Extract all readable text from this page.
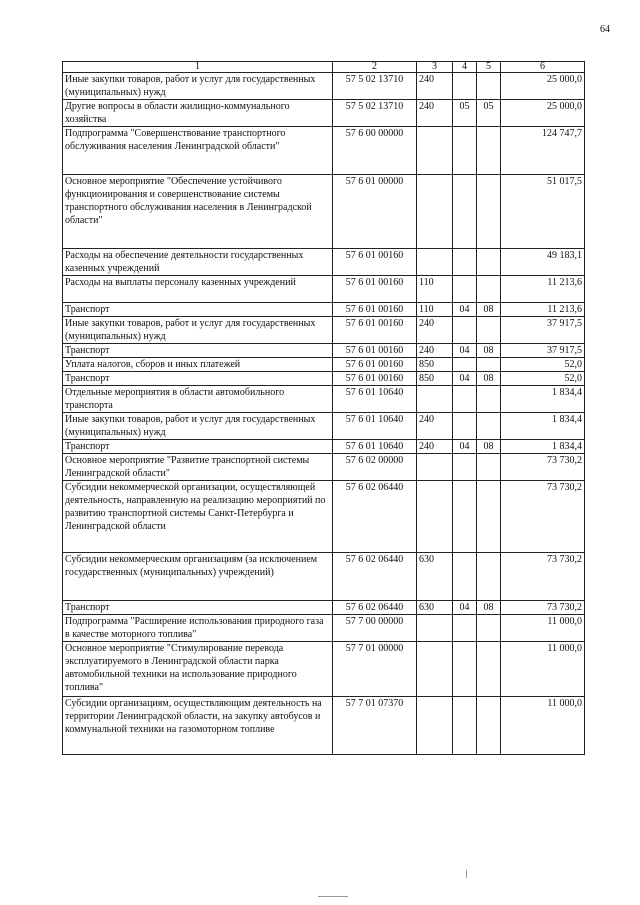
64
1	2	3	4	5	6
Иные закупки товаров, работ и услуг для государственных (муниципальных) нужд	57 5 02 13710	240			25 000,0
Другие вопросы в области жилищно-коммунального хозяйства	57 5 02 13710	240	05	05	25 000,0
Подпрограмма "Совершенствование транспортного обслуживания населения Ленинградской области"	57 6 00 00000				124 747,7
Основное мероприятие "Обеспечение устойчивого функционирования и совершенствование системы транспортного обслуживания населения в Ленинградской области"	57 6 01 00000				51 017,5
Расходы на обеспечение деятельности государственных казенных учреждений	57 6 01 00160				49 183,1
Расходы на выплаты персоналу казенных учреждений	57 6 01 00160	110			11 213,6
Транспорт	57 6 01 00160	110	04	08	11 213,6
Иные закупки товаров, работ и услуг для государственных (муниципальных) нужд	57 6 01 00160	240			37 917,5
Транспорт	57 6 01 00160	240	04	08	37 917,5
Уплата налогов, сборов и иных платежей	57 6 01 00160	850			52,0
Транспорт	57 6 01 00160	850	04	08	52,0
Отдельные мероприятия в области автомобильного транспорта	57 6 01 10640				1 834,4
Иные закупки товаров, работ и услуг для государственных (муниципальных) нужд	57 6 01 10640	240			1 834,4
Транспорт	57 6 01 10640	240	04	08	1 834,4
Основное мероприятие "Развитие транспортной системы Ленинградской области"	57 6 02 00000				73 730,2
Субсидии некоммерческой организации, осуществляющей деятельность, направленную на реализацию мероприятий по развитию транспортной системы Санкт-Петербурга и Ленинградской области	57 6 02 06440				73 730,2
Субсидии некоммерческим организациям (за исключением государственных (муниципальных) учреждений)	57 6 02 06440	630			73 730,2
Транспорт	57 6 02 06440	630	04	08	73 730,2
Подпрограмма "Расширение использования природного газа в качестве моторного топлива"	57 7 00 00000				11 000,0
Основное мероприятие "Стимулирование перевода эксплуатируемого в Ленинградской области парка автомобильной техники на использование природного топлива"	57 7 01 00000				11 000,0
Субсидии организациям, осуществляющим деятельность на территории Ленинградской области, на закупку автобусов и коммунальной техники на газомоторном топливе	57 7 01 07370				11 000,0
